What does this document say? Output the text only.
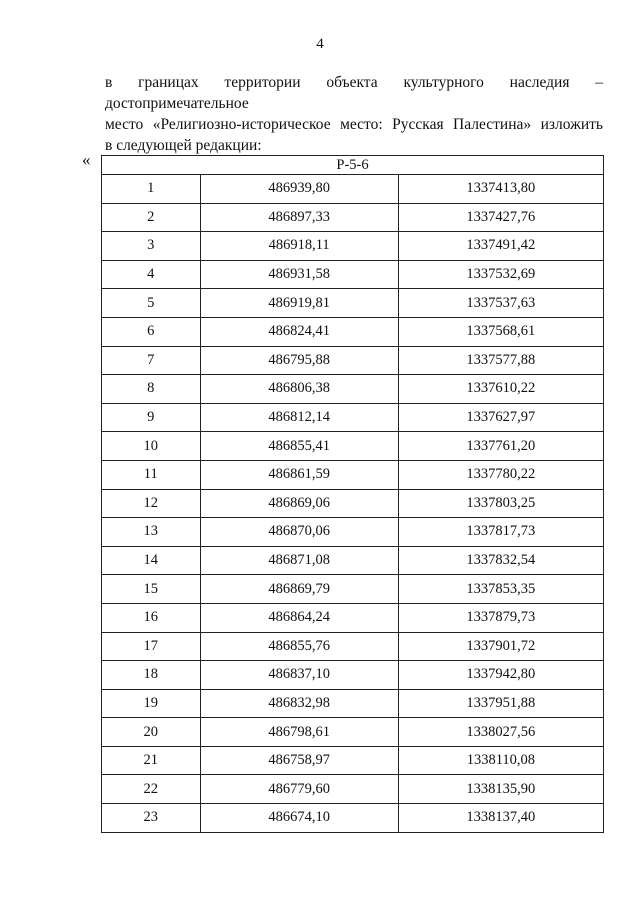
4
в границах территории объекта культурного наследия – достопримечательное
место «Религиозно-историческое место: Русская Палестина» изложить
в следующей редакции:
«	Р-5-6		
1	486939,80	1337413,80
2	486897,33	1337427,76
3	486918,11	1337491,42
4	486931,58	1337532,69
5	486919,81	1337537,63
6	486824,41	1337568,61
7	486795,88	1337577,88
8	486806,38	1337610,22
9	486812,14	1337627,97
10	486855,41	1337761,20
11	486861,59	1337780,22
12	486869,06	1337803,25
13	486870,06	1337817,73
14	486871,08	1337832,54
15	486869,79	1337853,35
16	486864,24	1337879,73
17	486855,76	1337901,72
18	486837,10	1337942,80
19	486832,98	1337951,88
20	486798,61	1338027,56
21	486758,97	1338110,08
22	486779,60	1338135,90
23	486674,10	1338137,40
